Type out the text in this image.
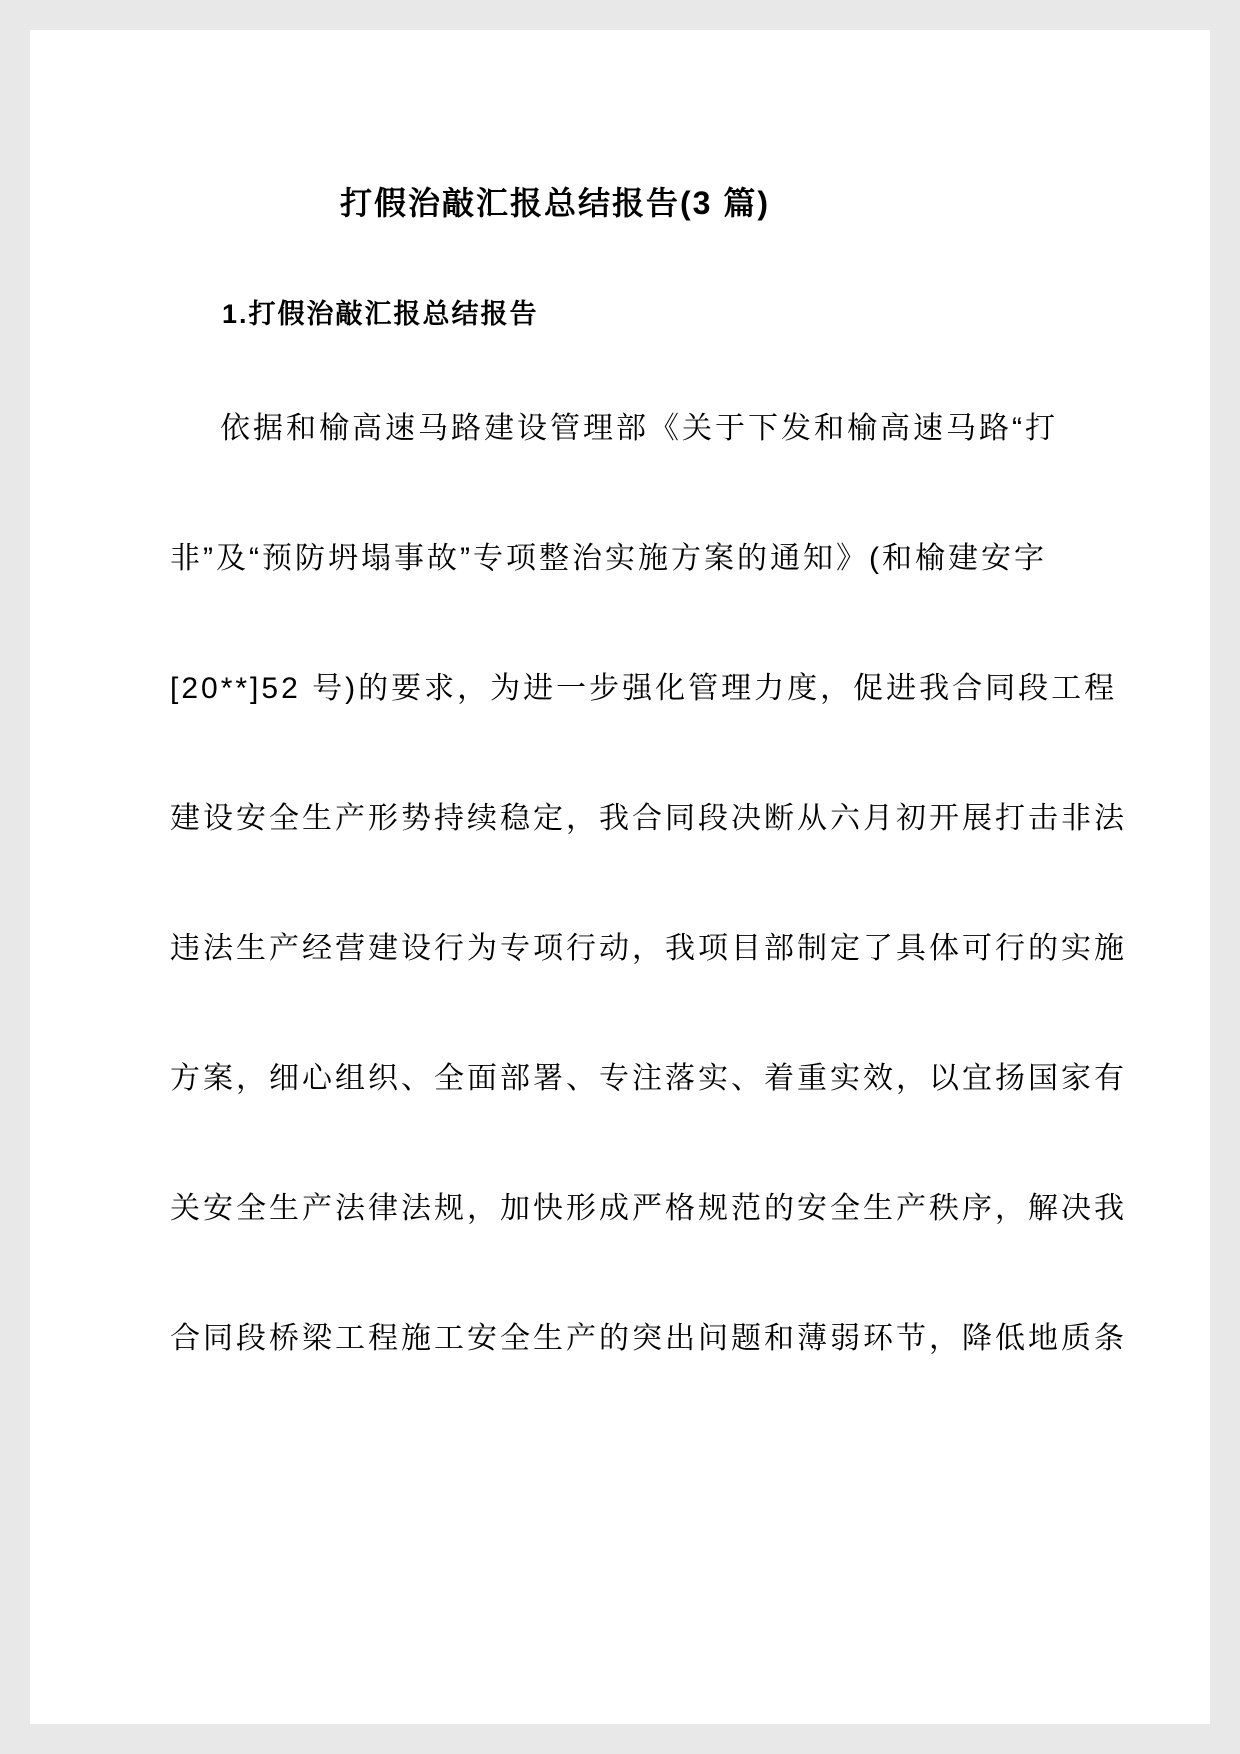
打假治敲汇报总结报告(3 篇)
1.打假治敲汇报总结报告
依据和榆高速马路建设管理部《关于下发和榆高速马路“打
非”及“预防坍塌事故”专项整治实施方案的通知》(和榆建安字
[20**]52 号)的要求，为进一步强化管理力度，促进我合同段工程
建设安全生产形势持续稳定，我合同段决断从六月初开展打击非法
违法生产经营建设行为专项行动，我项目部制定了具体可行的实施
方案，细心组织、全面部署、专注落实、着重实效，以宜扬国家有
关安全生产法律法规，加快形成严格规范的安全生产秩序，解决我
合同段桥梁工程施工安全生产的突出问题和薄弱环节，降低地质条
